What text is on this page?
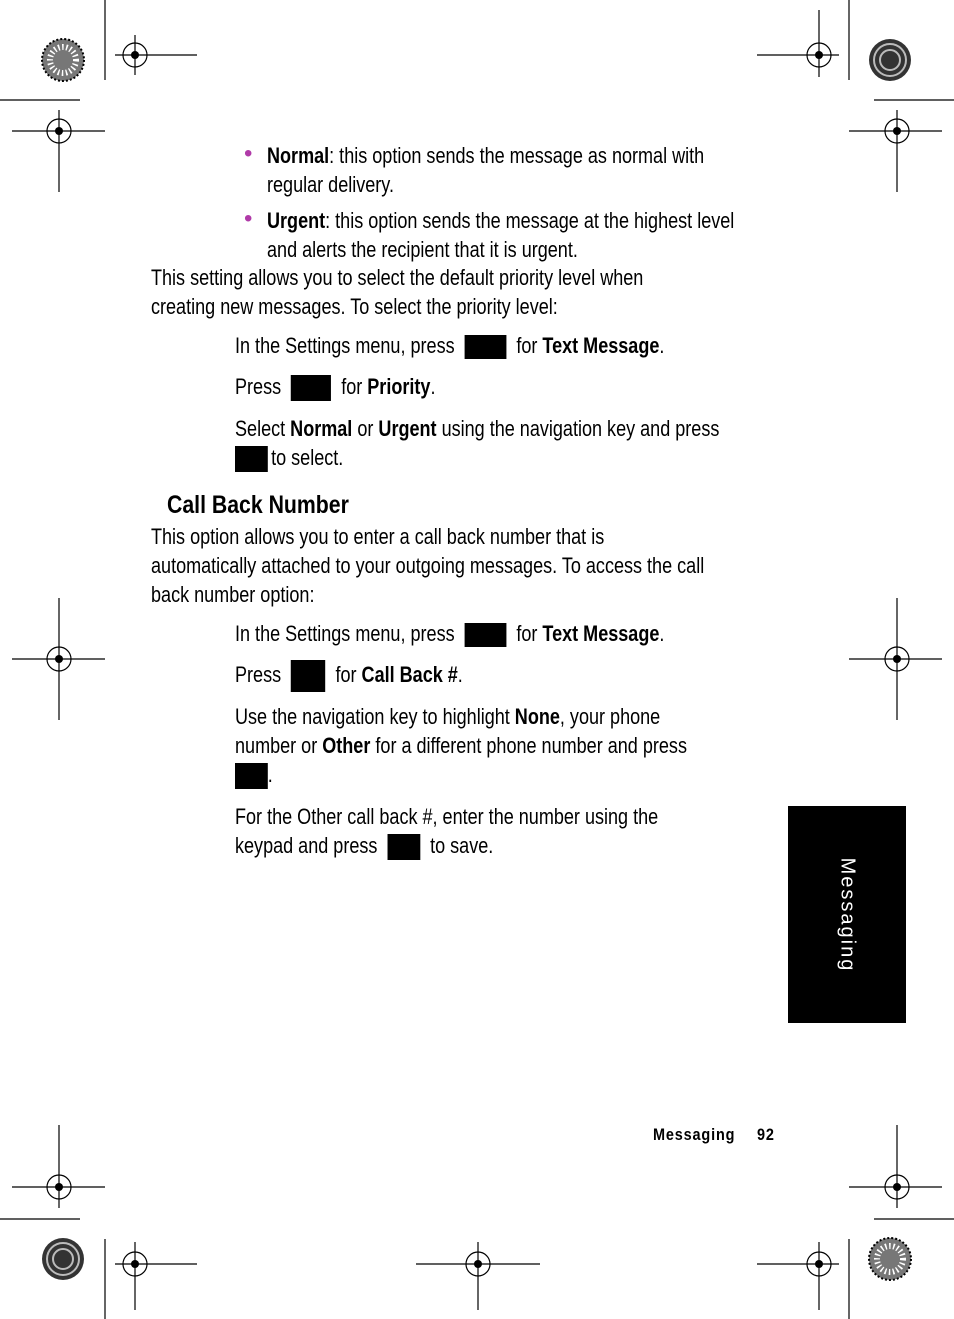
• Normal: this option sends the message as normal with
regular delivery.
• Urgent: this option sends the message at the highest level
and alerts the recipient that it is urgent.
This setting allows you to select the default priority level when
creating new messages. To select the priority level:
In the Settings menu, press	for Text Message.
Press	for Priority.
Select Normal or Urgent using the navigation key and press
to select.
Call Back Number
This option allows you to enter a call back number that is
automatically attached to your outgoing messages. To access the call
back number option:
In the Settings menu, press	for Text Message.
Press for Call Back #.
Use the navigation key to highlight None, your phone
number or Other for a different phone number and press
.
For the Other call back #, enter the number using the
keypad and press to save.
Messaging
Messaging 92
